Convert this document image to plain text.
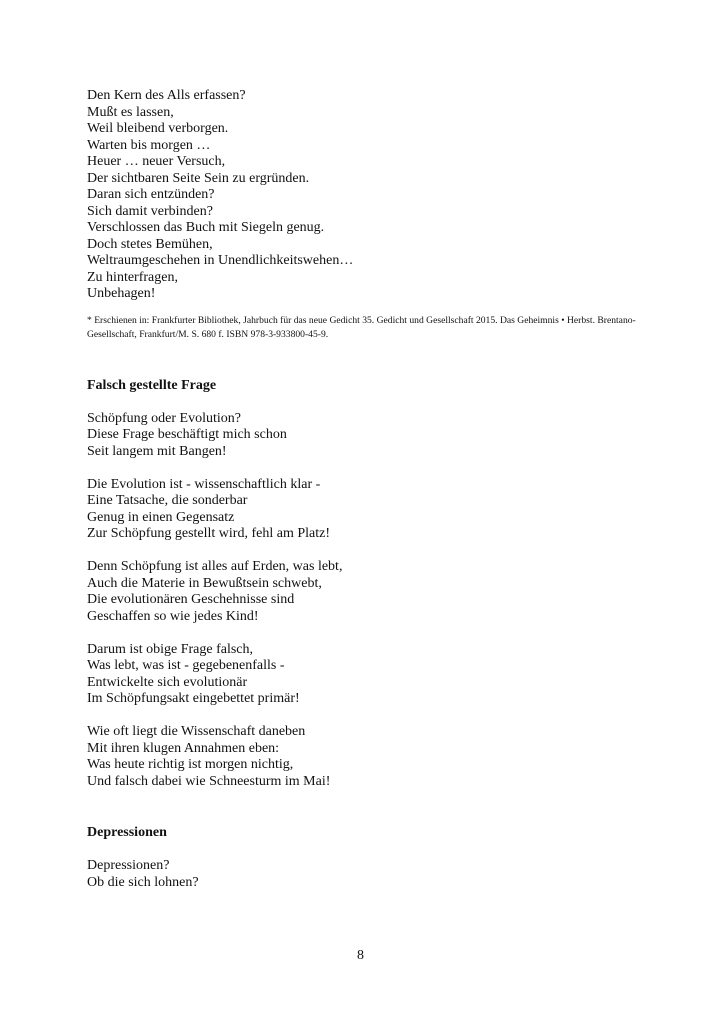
Den Kern des Alls erfassen?
Mußt es lassen,
Weil bleibend verborgen.
Warten bis morgen …
Heuer … neuer Versuch,
Der sichtbaren Seite Sein zu ergründen.
Daran sich entzünden?
Sich damit verbinden?
Verschlossen das Buch mit Siegeln genug.
Doch stetes Bemühen,
Weltraumgeschehen in Unendlichkeitswehen…
Zu hinterfragen,
Unbehagen!
* Erschienen in: Frankfurter Bibliothek, Jahrbuch für das neue Gedicht 35. Gedicht und Gesellschaft 2015. Das Geheimnis • Herbst. Brentano-Gesellschaft, Frankfurt/M. S. 680 f. ISBN 978-3-933800-45-9.
Falsch gestellte Frage
Schöpfung oder Evolution?
Diese Frage beschäftigt mich schon
Seit langem mit Bangen!
Die Evolution ist - wissenschaftlich klar -
Eine Tatsache, die sonderbar
Genug in einen Gegensatz
Zur Schöpfung gestellt wird, fehl am Platz!
Denn Schöpfung ist alles auf Erden, was lebt,
Auch die Materie in Bewußtsein schwebt,
Die evolutionären Geschehnisse sind
Geschaffen so wie jedes Kind!
Darum ist obige Frage falsch,
Was lebt, was ist - gegebenenfalls -
Entwickelte sich evolutionär
Im Schöpfungsakt eingebettet primär!
Wie oft liegt die Wissenschaft daneben
Mit ihren klugen Annahmen eben:
Was heute richtig ist morgen nichtig,
Und falsch dabei wie Schneesturm im Mai!
Depressionen
Depressionen?
Ob die sich lohnen?
8
